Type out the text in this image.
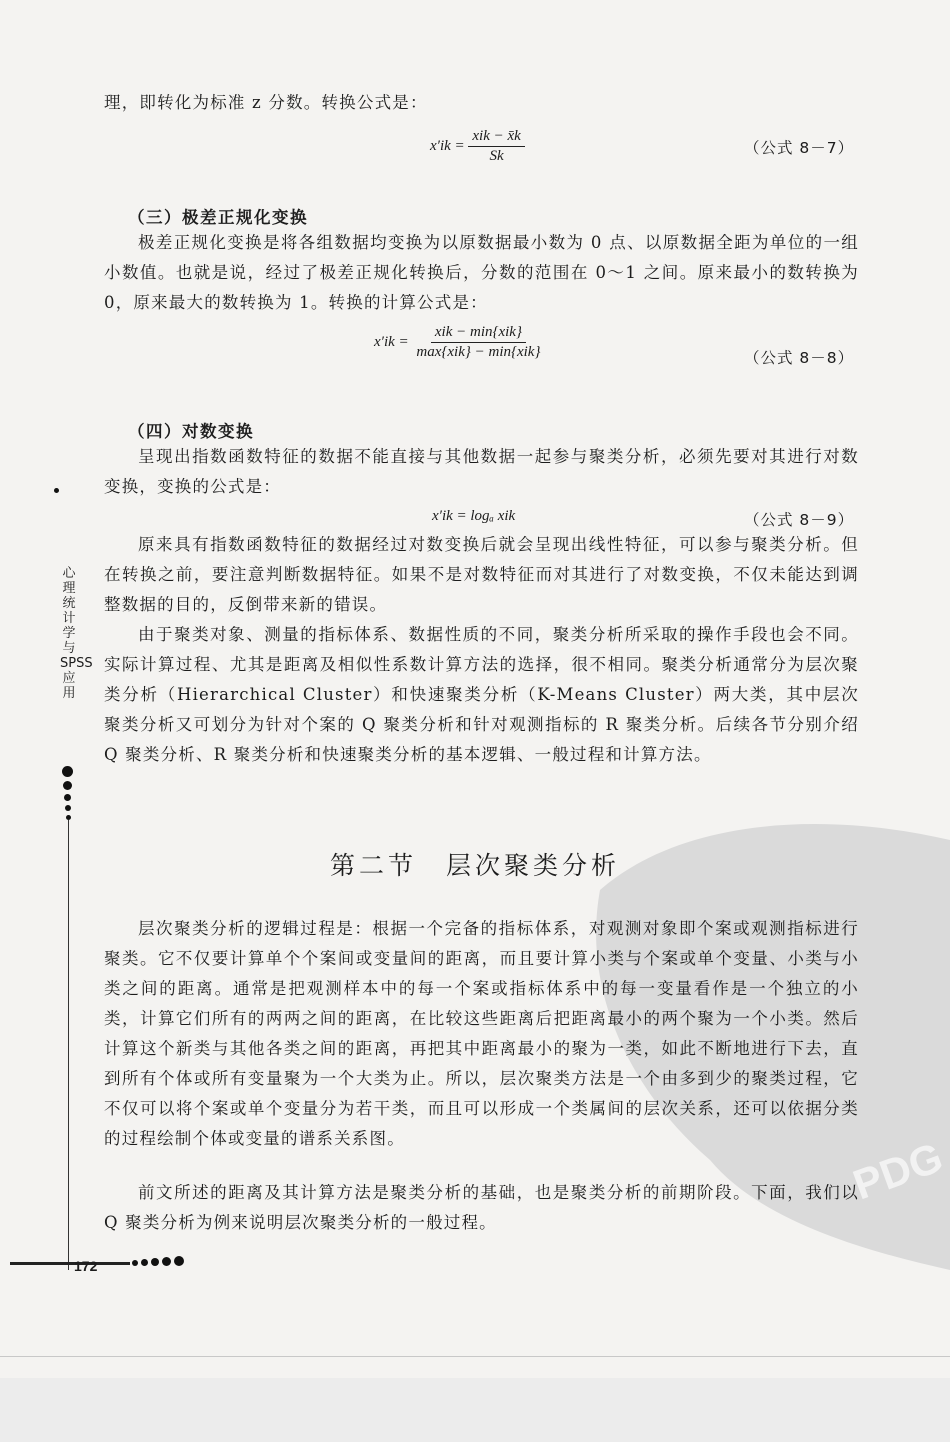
PDG
理，即转化为标准 z 分数。转换公式是：
$x'ik = \frac{\text{xik − x̄k}}{Sk}$	（公式 8－7）
（三）极差正规化变换
极差正规化变换是将各组数据均变换为以原数据最小数为 0 点、以原数据全距为单位的一组小数值。也就是说，经过了极差正规化转换后，分数的范围在 0～1 之间。原来最小的数转换为 0，原来最大的数转换为 1。转换的计算公式是：
$x'ik = \frac{\text{xik − min\{xik\}}}{\text{max\{xik\} − min\{xik\}}}$	（公式 8－8）
（四）对数变换
呈现出指数函数特征的数据不能直接与其他数据一起参与聚类分析，必须先要对其进行对数变换，变换的公式是：
x′ik = logₐ xik	（公式 8－9）
原来具有指数函数特征的数据经过对数变换后就会呈现出线性特征，可以参与聚类分析。但在转换之前，要注意判断数据特征。如果不是对数特征而对其进行了对数变换，不仅未能达到调整数据的目的，反倒带来新的错误。
由于聚类对象、测量的指标体系、数据性质的不同，聚类分析所采取的操作手段也会不同。实际计算过程、尤其是距离及相似性系数计算方法的选择，很不相同。聚类分析通常分为层次聚类分析（Hierarchical Cluster）和快速聚类分析（K-Means Cluster）两大类，其中层次聚类分析又可划分为针对个案的 Q 聚类分析和针对观测指标的 R 聚类分析。后续各节分别介绍 Q 聚类分析、R 聚类分析和快速聚类分析的基本逻辑、一般过程和计算方法。
第二节　层次聚类分析
层次聚类分析的逻辑过程是：根据一个完备的指标体系，对观测对象即个案或观测指标进行聚类。它不仅要计算单个个案间或变量间的距离，而且要计算小类与个案或单个变量、小类与小类之间的距离。通常是把观测样本中的每一个案或指标体系中的每一变量看作是一个独立的小类，计算它们所有的两两之间的距离，在比较这些距离后把距离最小的两个聚为一个小类。然后计算这个新类与其他各类之间的距离，再把其中距离最小的聚为一类，如此不断地进行下去，直到所有个体或所有变量聚为一个大类为止。所以，层次聚类方法是一个由多到少的聚类过程，它不仅可以将个案或单个变量分为若干类，而且可以形成一个类属间的层次关系，还可以依据分类的过程绘制个体或变量的谱系关系图。
前文所述的距离及其计算方法是聚类分析的基础，也是聚类分析的前期阶段。下面，我们以 Q 聚类分析为例来说明层次聚类分析的一般过程。
心理统计学与SPSS应用
172
